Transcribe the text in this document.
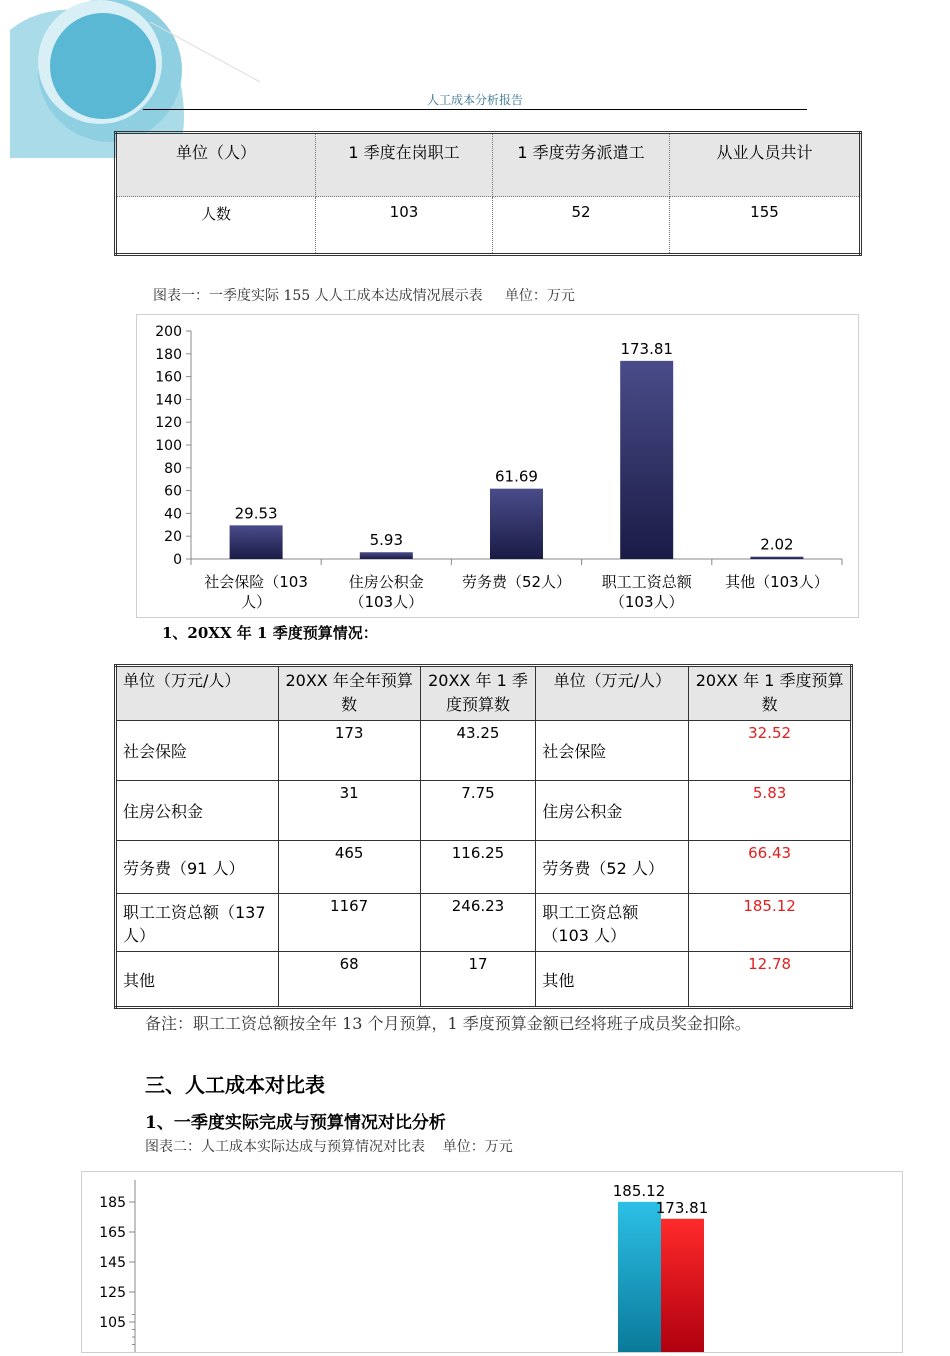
人工成本分析报告
单位（人）	1 季度在岗职工	1 季度劳务派遣工	从业人员共计
人数	103	52	155
图表一：一季度实际 155 人人工成本达成情况展示表     单位：万元
0
20
40
60
80
100
120
140
160
180
200
29.53
社会保险（103
人）
5.93
住房公积金
（103人）
61.69
劳务费（52人）
173.81
职工工资总额
（103人）
2.02
其他（103人）
1、20XX 年 1 季度预算情况：
单位（万元/人）	20XX 年全年预算数	20XX 年 1 季度预算数	单位（万元/人）	20XX 年 1 季度预算数
社会保险	173	43.25	社会保险	32.52
住房公积金	31	7.75	住房公积金	5.83
劳务费（91 人）	465	116.25	劳务费（52 人）	66.43
职工工资总额（137 人）	1167	246.23	职工工资总额（103 人）	185.12
其他	68	17	其他	12.78
备注：职工工资总额按全年 13 个月预算，1 季度预算金额已经将班子成员奖金扣除。
三、人工成本对比表
1、一季度实际完成与预算情况对比分析
图表二：人工成本实际达成与预算情况对比表    单位：万元
105
125
145
165
185
185.12
173.81
